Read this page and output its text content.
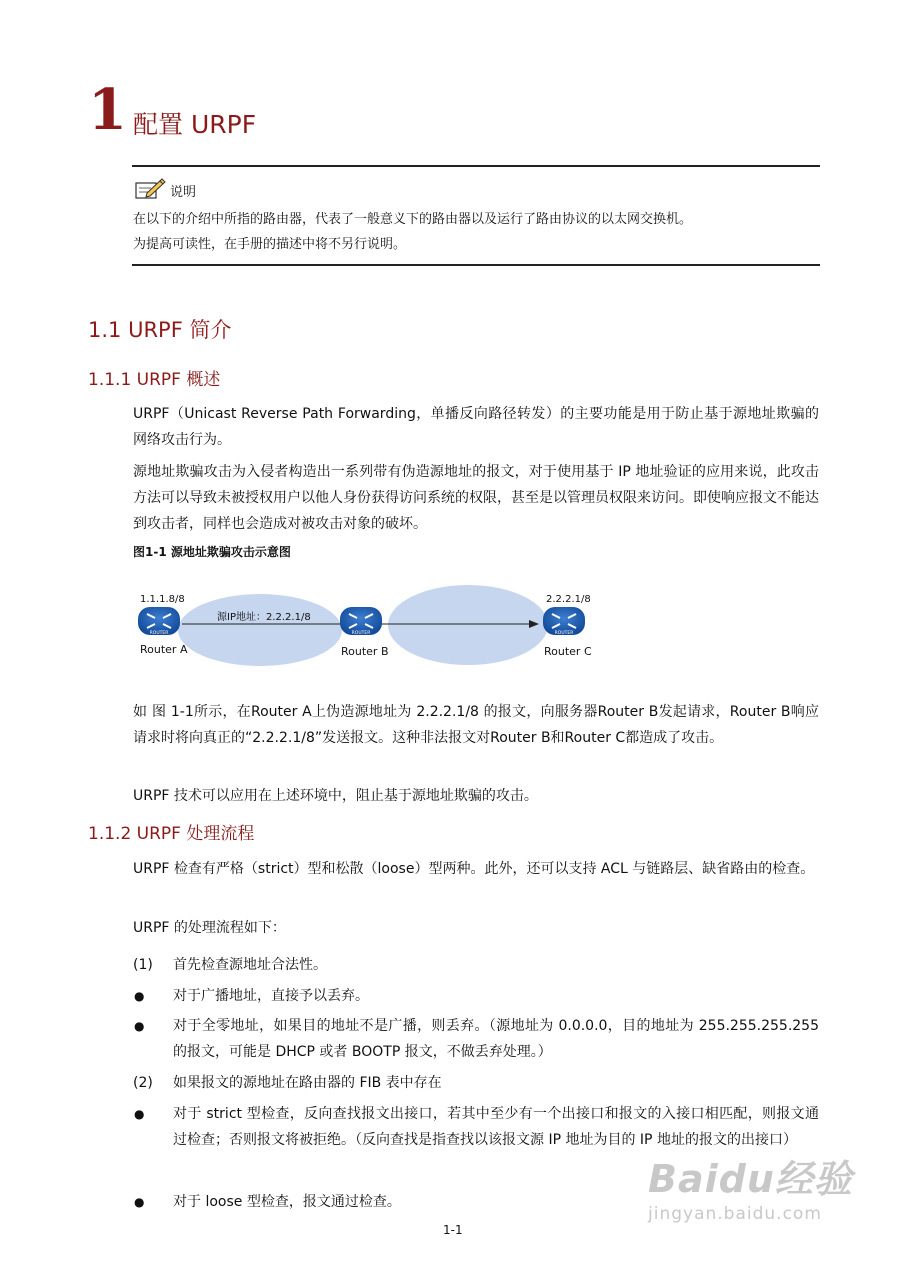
1 配置 URPF
说明
在以下的介绍中所指的路由器，代表了一般意义下的路由器以及运行了路由协议的以太网交换机。
为提高可读性，在手册的描述中将不另行说明。
1.1 URPF 简介
1.1.1 URPF 概述
URPF（Unicast Reverse Path Forwarding，单播反向路径转发）的主要功能是用于防止基于源地址欺骗的网络攻击行为。
源地址欺骗攻击为入侵者构造出一系列带有伪造源地址的报文，对于使用基于 IP 地址验证的应用来说，此攻击方法可以导致未被授权用户以他人身份获得访问系统的权限，甚至是以管理员权限来访问。即使响应报文不能达到攻击者，同样也会造成对被攻击对象的破坏。
图1-1 源地址欺骗攻击示意图
ROUTER	ROUTER	ROUTER
1.1.1.8/8
Router A
源IP地址：2.2.2.1/8
Router B
2.2.2.1/8
Router C
如 图 1-1所示，在Router A上伪造源地址为 2.2.2.1/8 的报文，向服务器Router B发起请求，Router B响应请求时将向真正的“2.2.2.1/8”发送报文。这种非法报文对Router B和Router C都造成了攻击。
URPF 技术可以应用在上述环境中，阻止基于源地址欺骗的攻击。
1.1.2 URPF 处理流程
URPF 检查有严格（strict）型和松散（loose）型两种。此外，还可以支持 ACL 与链路层、缺省路由的检查。
URPF 的处理流程如下：
(1) 首先检查源地址合法性。
● 对于广播地址，直接予以丢弃。
● 对于全零地址，如果目的地址不是广播，则丢弃。（源地址为 0.0.0.0，目的地址为 255.255.255.255 的报文，可能是 DHCP 或者 BOOTP 报文，不做丢弃处理。）
(2) 如果报文的源地址在路由器的 FIB 表中存在
● 对于 strict 型检查，反向查找报文出接口，若其中至少有一个出接口和报文的入接口相匹配，则报文通过检查；否则报文将被拒绝。（反向查找是指查找以该报文源 IP 地址为目的 IP 地址的报文的出接口）
● 对于 loose 型检查，报文通过检查。
1-1
Baidu经验
jingyan.baidu.com
